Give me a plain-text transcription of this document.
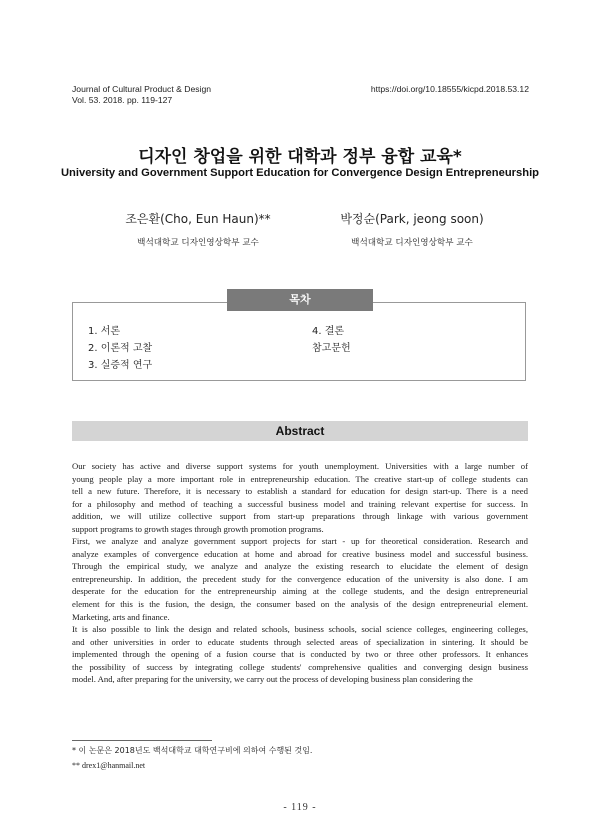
Journal of Cultural Product & Design
Vol. 53. 2018. pp. 119-127
https://doi.org/10.18555/kicpd.2018.53.12
디자인 창업을 위한 대학과 정부 융합 교육*
University and Government Support Education for Convergence Design Entrepreneurship
조은환(Cho, Eun Haun)**
백석대학교 디자인영상학부 교수
박정순(Park, jeong soon)
백석대학교 디자인영상학부 교수
목차
1. 서론
2. 이론적 고찰
3. 실증적 연구
4. 결론
참고문헌
Abstract
Our society has active and diverse support systems for youth unemployment. Universities with a large number of
young people play a more important role in entrepreneurship education. The creative start-up of college students can
tell a new future. Therefore, it is necessary to establish a standard for education for design start-up. There is a need
for a philosophy and method of teaching a successful business model and training relevant expertise for success. In
addition, we will utilize collective support from start-up preparations through linkage with various government
support programs to growth stages through growth promotion programs.
First, we analyze and analyze government support projects for start - up for theoretical consideration. Research and
analyze examples of convergence education at home and abroad for creative business model and successful business.
Through the empirical study, we analyze and analyze the existing research to elucidate the element of design
entrepreneurship. In addition, the precedent study for the convergence education of the university is also done. I am
desperate for the education for the entrepreneurship aiming at the college students, and the design entrepreneurial
element for this is the fusion, the design, the consumer based on the analysis of the design entrepreneurial element.
Marketing, arts and finance.
It is also possible to link the design and related schools, business schools, social science colleges, engineering colleges,
and other universities in order to educate students through selected areas of specialization in sintering. It should be
implemented through the opening of a fusion course that is conducted by two or three other professors. It enhances
the possibility of success by integrating college students' comprehensive qualities and converging design business
model. And, after preparing for the university, we carry out the process of developing business plan considering the
* 이 논문은 2018년도 백석대학교 대학연구비에 의하여 수행된 것임.
** drex1@hanmail.net
- 119 -
